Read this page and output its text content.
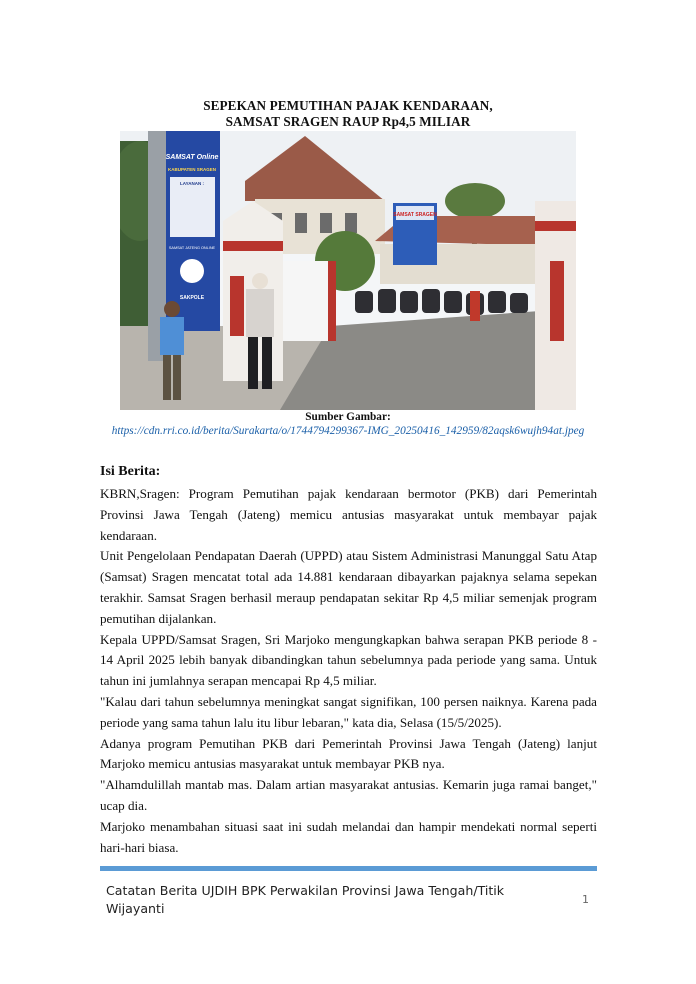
SEPEKAN PEMUTIHAN PAJAK KENDARAAN,
SAMSAT SRAGEN RAUP Rp4,5 MILIAR
SAMSAT SRAGEN
SAMSAT Online
KABUPATEN SRAGEN
LAYANAN :
SAMSAT JATENG ONLINE
SAKPOLE
Sumber Gambar:
https://cdn.rri.co.id/berita/Surakarta/o/1744794299367-IMG_20250416_142959/82aqsk6wujh94at.jpeg
Isi Berita:

KBRN,Sragen: Program Pemutihan pajak kendaraan bermotor (PKB) dari Pemerintah Provinsi Jawa Tengah (Jateng) memicu antusias masyarakat untuk membayar pajak kendaraan.

Unit Pengelolaan Pendapatan Daerah (UPPD) atau Sistem Administrasi Manunggal Satu Atap (Samsat) Sragen mencatat total ada 14.881 kendaraan dibayarkan pajaknya selama sepekan terakhir. Samsat Sragen berhasil meraup pendapatan sekitar Rp 4,5 miliar semenjak program pemutihan dijalankan.

Kepala UPPD/Samsat Sragen, Sri Marjoko mengungkapkan bahwa serapan PKB periode 8 - 14 April 2025 lebih banyak dibandingkan tahun sebelumnya pada periode yang sama. Untuk tahun ini jumlahnya serapan mencapai Rp 4,5 miliar.

"Kalau dari tahun sebelumnya meningkat sangat signifikan, 100 persen naiknya. Karena pada periode yang sama tahun lalu itu libur lebaran," kata dia, Selasa (15/5/2025).

Adanya program Pemutihan PKB dari Pemerintah Provinsi Jawa Tengah (Jateng) lanjut Marjoko memicu antusias masyarakat untuk membayar PKB nya.

"Alhamdulillah mantab mas. Dalam artian masyarakat antusias. Kemarin juga ramai banget," ucap dia.

Marjoko menambahan situasi saat ini sudah melandai dan hampir mendekati normal seperti hari-hari biasa.

Catatan Berita UJDIH BPK Perwakilan Provinsi Jawa Tengah/Titik Wijayanti
1
